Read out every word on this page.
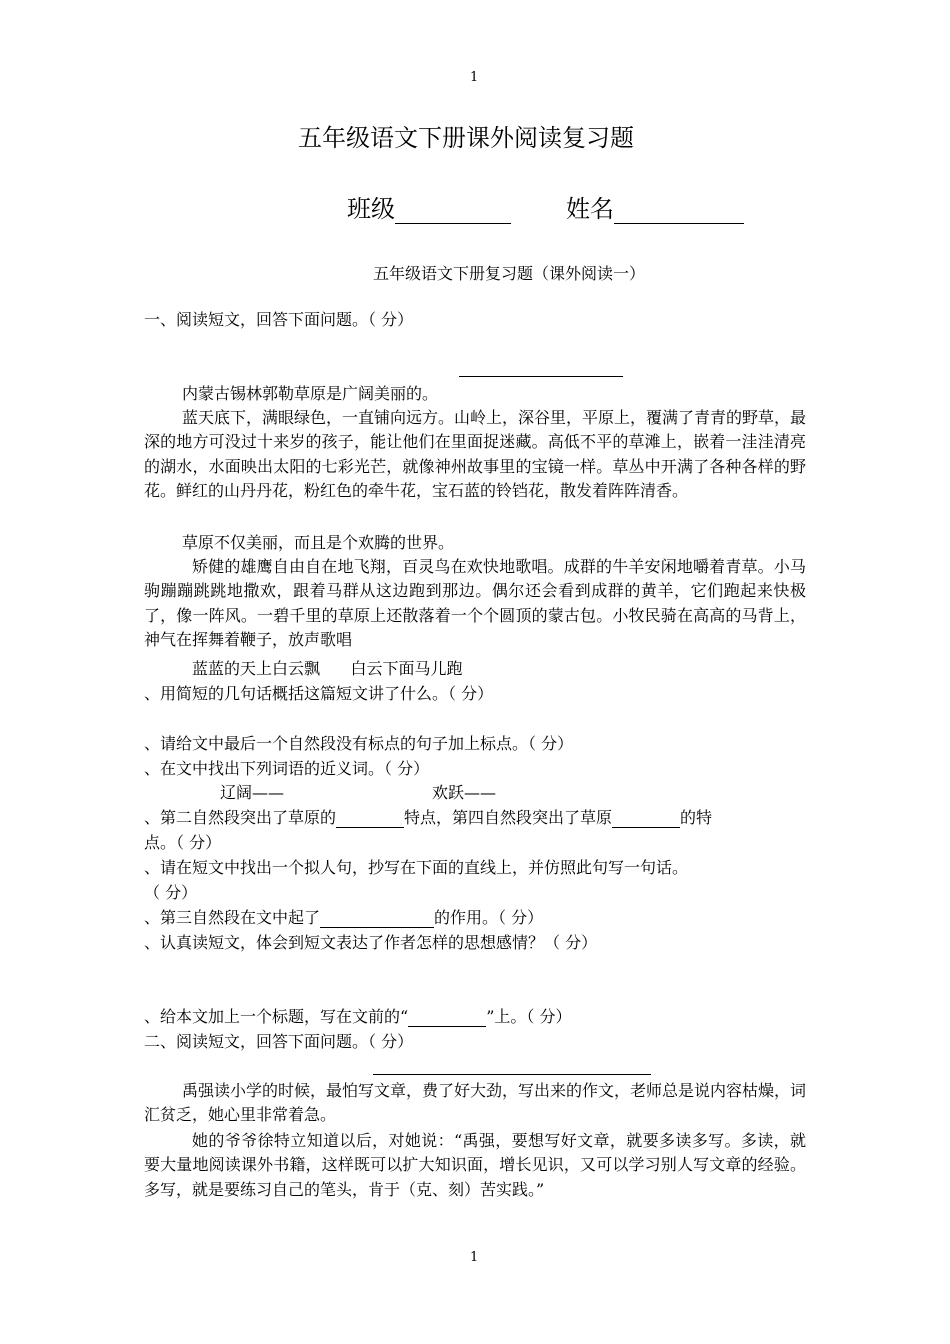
1
五年级语文下册课外阅读复习题
班级	姓名
五年级语文下册复习题（课外阅读一）
一、阅读短文，回答下面问题。（ 分）
内蒙古锡林郭勒草原是广阔美丽的。
蓝天底下，满眼绿色，一直铺向远方。山岭上，深谷里，平原上，覆满了青青的野草，最深的地方可没过十来岁的孩子，能让他们在里面捉迷藏。高低不平的草滩上，嵌着一洼洼清亮的湖水，水面映出太阳的七彩光芒，就像神州故事里的宝镜一样。草丛中开满了各种各样的野花。鲜红的山丹丹花，粉红色的牵牛花，宝石蓝的铃铛花，散发着阵阵清香。
草原不仅美丽，而且是个欢腾的世界。
矫健的雄鹰自由自在地飞翔，百灵鸟在欢快地歌唱。成群的牛羊安闲地嚼着青草。小马驹蹦蹦跳跳地撒欢，跟着马群从这边跑到那边。偶尔还会看到成群的黄羊，它们跑起来快极了，像一阵风。一碧千里的草原上还散落着一个个圆顶的蒙古包。小牧民骑在高高的马背上，神气在挥舞着鞭子，放声歌唱
蓝蓝的天上白云飘      白云下面马儿跑
、用简短的几句话概括这篇短文讲了什么。（ 分）
、请给文中最后一个自然段没有标点的句子加上标点。（ 分）
、在文中找出下列词语的近义词。（ 分）
辽阔——	欢跃——
、第二自然段突出了草原的	特点，第四自然段突出了草原	的特
点。（ 分）
、请在短文中找出一个拟人句，抄写在下面的直线上，并仿照此句写一句话。
（ 分）
、第三自然段在文中起了	的作用。（ 分）
、认真读短文，体会到短文表达了作者怎样的思想感情？（ 分）
、给本文加上一个标题，写在文前的“	”上。（ 分）
二、阅读短文，回答下面问题。（ 分）
禹强读小学的时候，最怕写文章，费了好大劲，写出来的作文，老师总是说内容枯燥，词汇贫乏，她心里非常着急。
她的爷爷徐特立知道以后，对她说：“禹强，要想写好文章，就要多读多写。多读，就要大量地阅读课外书籍，这样既可以扩大知识面，增长见识，又可以学习别人写文章的经验。多写，就是要练习自己的笔头，肯于（克、刻）苦实践。”
1
